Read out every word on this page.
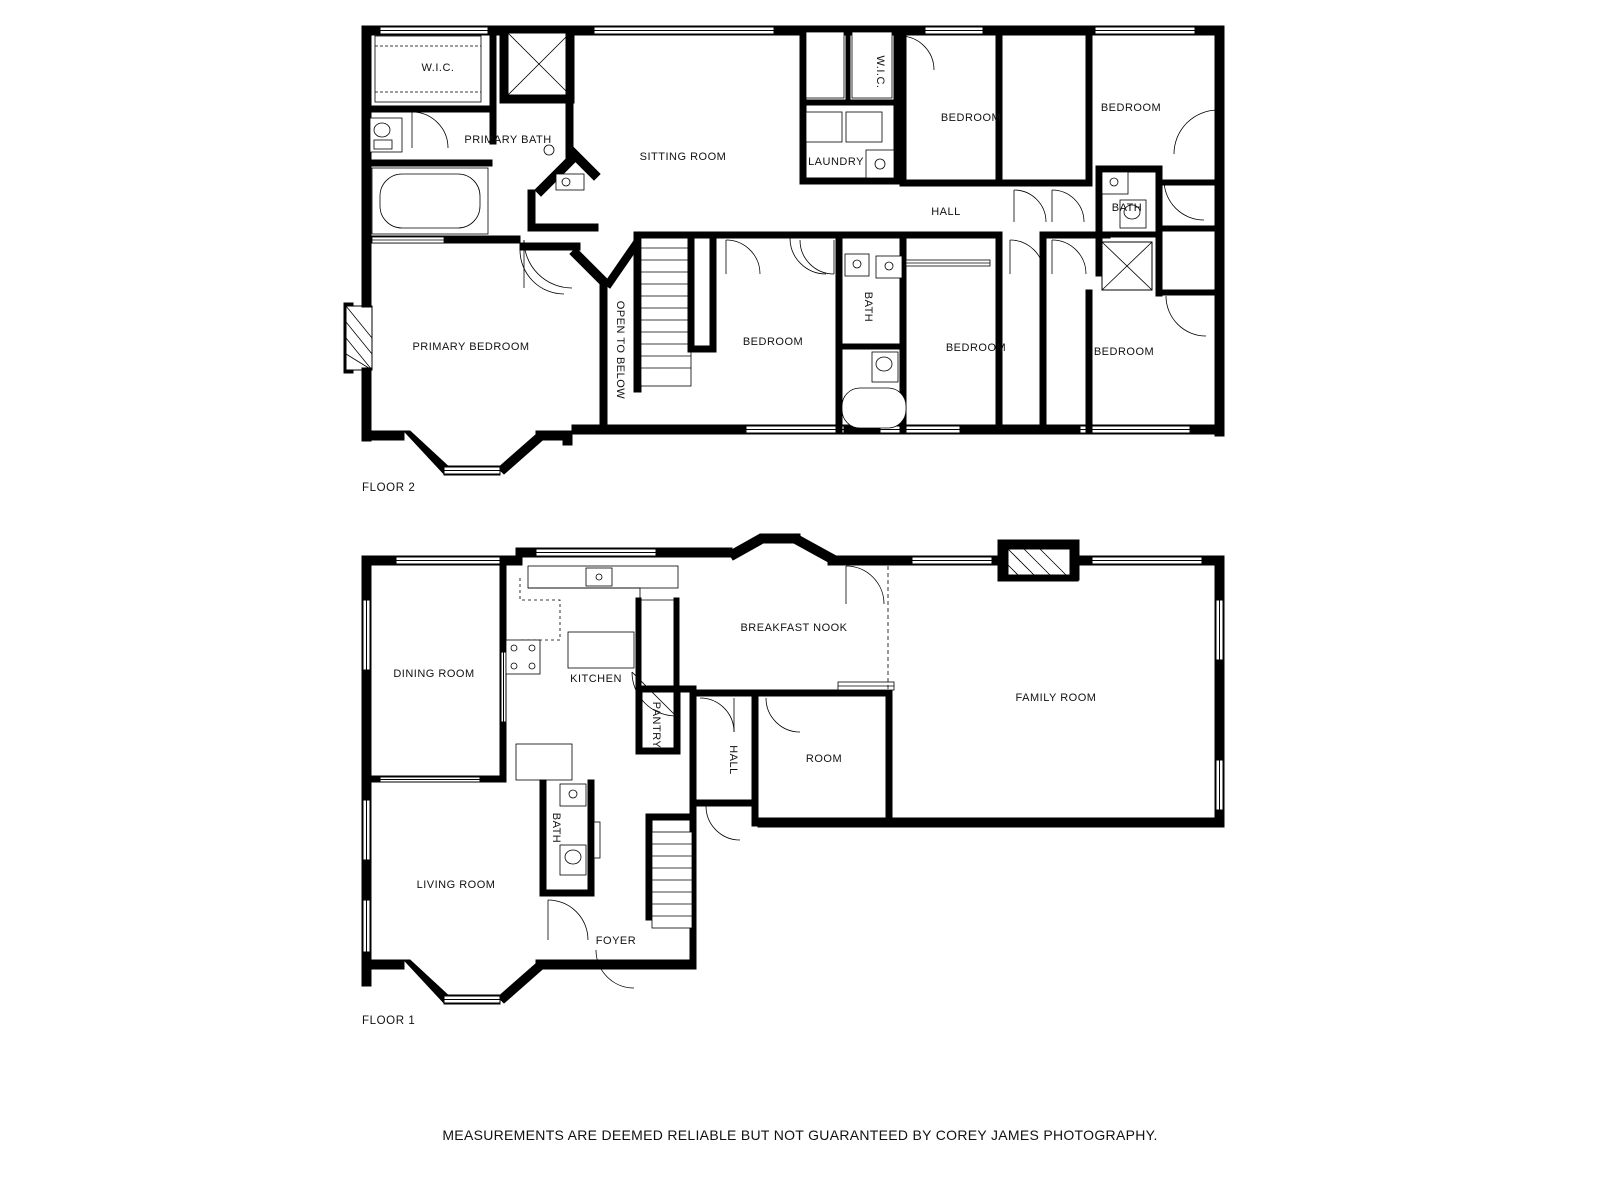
W.I.C.
PRIMARY BATH
SITTING ROOM
W.I.C.
LAUNDRY
BEDROOM
BEDROOM
HALL	BATH
PRIMARY BEDROOM	OPEN TO BELOW	BEDROOM
BATH
BEDROOM	BEDROOM
FLOOR 2
DINING ROOM	KITCHEN
BREAKFAST NOOK
FAMILY ROOM
PANTRY
HALL	ROOM
BATH
LIVING ROOM
FOYER
FLOOR 1
MEASUREMENTS ARE DEEMED RELIABLE BUT NOT GUARANTEED BY COREY JAMES PHOTOGRAPHY.
